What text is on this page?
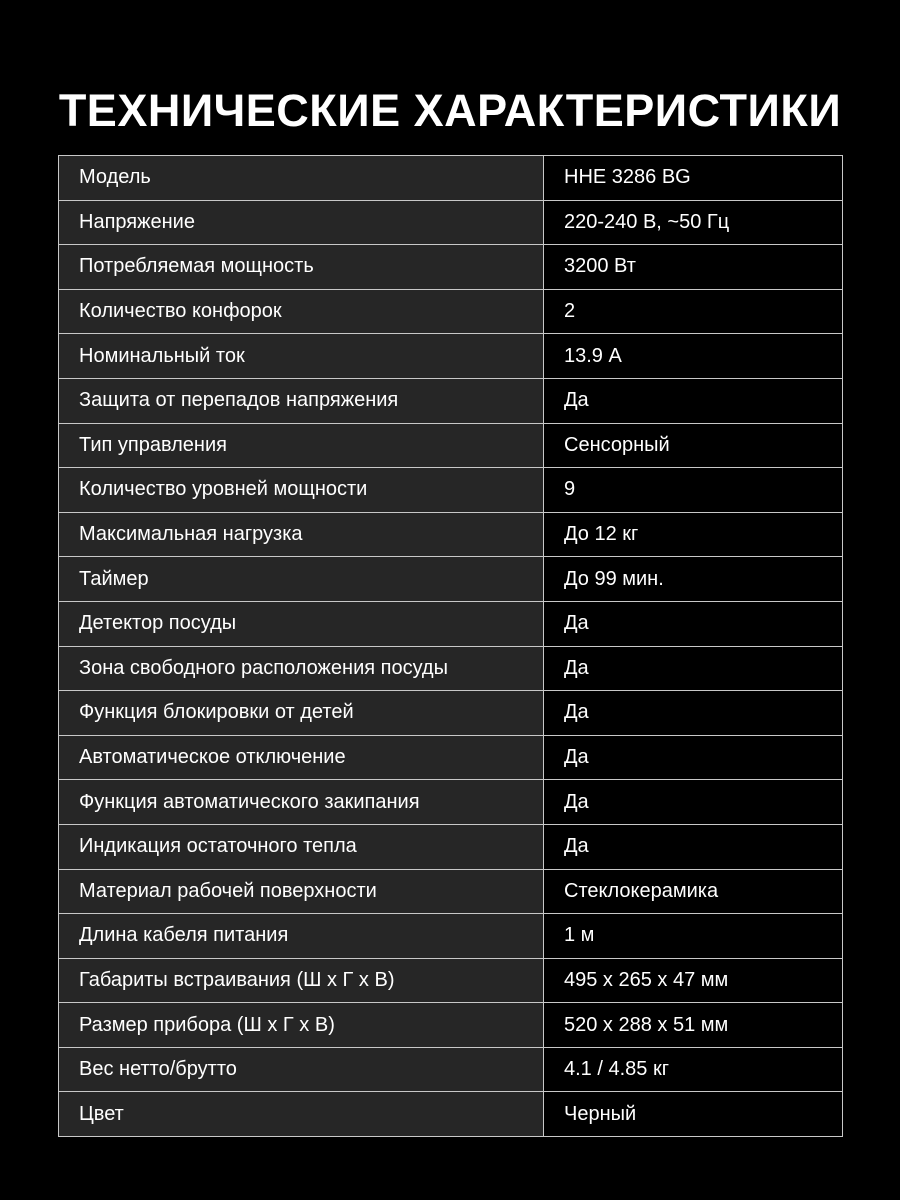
ТЕХНИЧЕСКИЕ ХАРАКТЕРИСТИКИ
Модель	HHE 3286 BG
Напряжение	220-240 В, ~50 Гц
Потребляемая мощность	3200 Вт
Количество конфорок	2
Номинальный ток	13.9 А
Защита от перепадов напряжения	Да
Тип управления	Сенсорный
Количество уровней мощности	9
Максимальная нагрузка	До 12 кг
Таймер	До 99 мин.
Детектор посуды	Да
Зона свободного расположения посуды	Да
Функция блокировки от детей	Да
Автоматическое отключение	Да
Функция автоматического закипания	Да
Индикация остаточного тепла	Да
Материал рабочей поверхности	Стеклокерамика
Длина кабеля питания	1 м
Габариты встраивания (Ш х Г х В)	495 х 265 х 47 мм
Размер прибора (Ш х Г х В)	520 х 288 х 51 мм
Вес нетто/брутто	4.1 / 4.85 кг
Цвет	Черный
